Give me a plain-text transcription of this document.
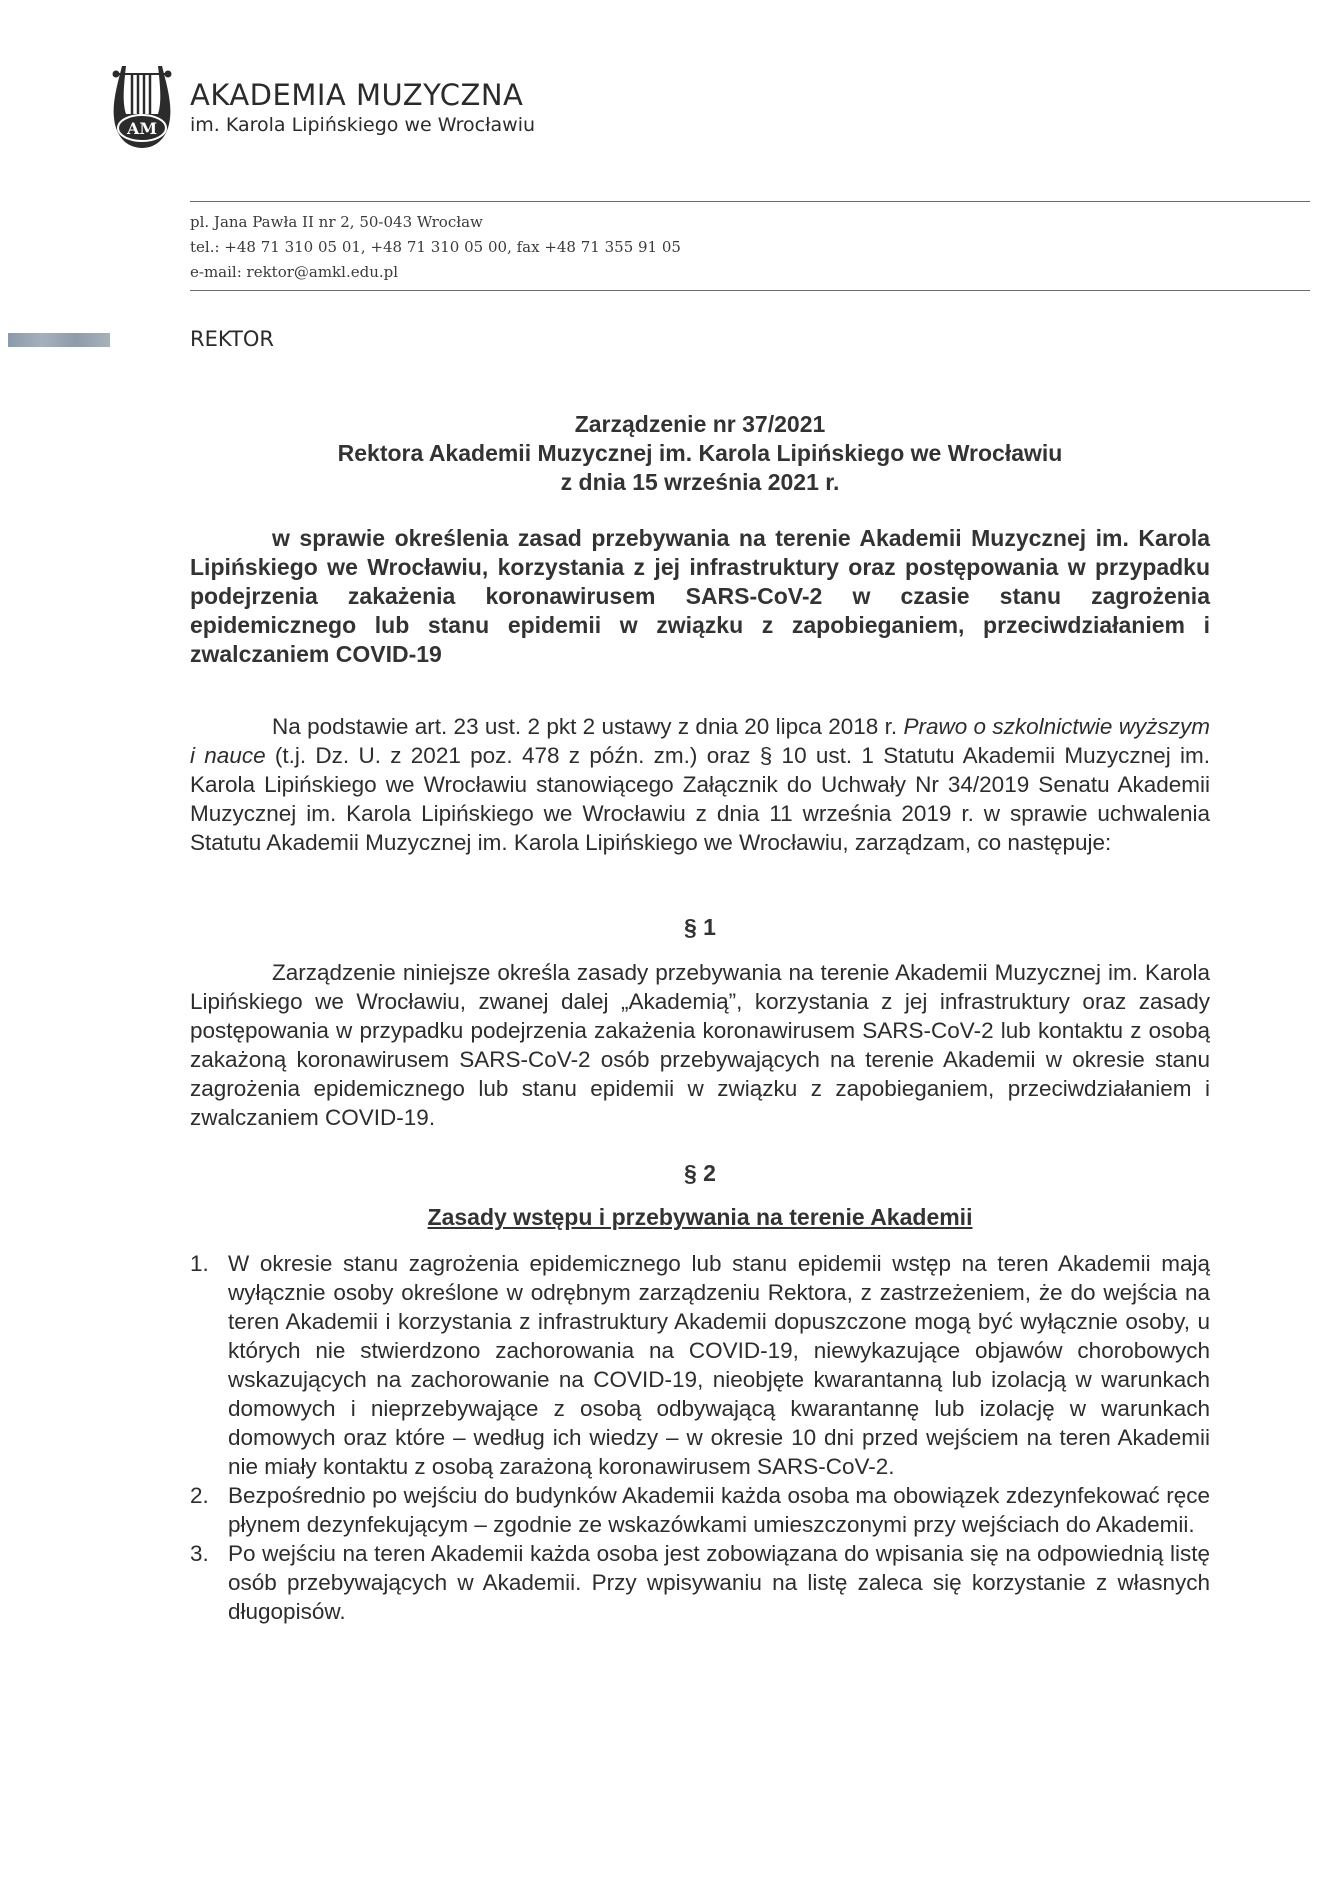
AM
AKADEMIA MUZYCZNA
im. Karola Lipińskiego we Wrocławiu
pl. Jana Pawła II nr 2, 50-043 Wrocław
tel.: +48 71 310 05 01, +48 71 310 05 00, fax +48 71 355 91 05
e-mail: rektor@amkl.edu.pl
REKTOR
Zarządzenie nr 37/2021
Rektora Akademii Muzycznej im. Karola Lipińskiego we Wrocławiu
z dnia 15 września 2021 r.
w sprawie określenia zasad przebywania na terenie Akademii Muzycznej im. Karola Lipińskiego we Wrocławiu, korzystania z jej infrastruktury oraz postępowania w przypadku podejrzenia zakażenia koronawirusem SARS-CoV-2 w czasie stanu zagrożenia epidemicznego lub stanu epidemii w związku z zapobieganiem, przeciwdziałaniem i zwalczaniem COVID-19
Na podstawie art. 23 ust. 2 pkt 2 ustawy z dnia 20 lipca 2018 r. Prawo o szkolnictwie wyższym i nauce (t.j. Dz. U. z 2021 poz. 478 z późn. zm.) oraz § 10 ust. 1 Statutu Akademii Muzycznej im. Karola Lipińskiego we Wrocławiu stanowiącego Załącznik do Uchwały Nr 34/2019 Senatu Akademii Muzycznej im. Karola Lipińskiego we Wrocławiu z dnia 11 września 2019 r. w sprawie uchwalenia Statutu Akademii Muzycznej im. Karola Lipińskiego we Wrocławiu, zarządzam, co następuje:
§ 1
Zarządzenie niniejsze określa zasady przebywania na terenie Akademii Muzycznej im. Karola Lipińskiego we Wrocławiu, zwanej dalej „Akademią”, korzystania z jej infrastruktury oraz zasady postępowania w przypadku podejrzenia zakażenia koronawirusem SARS-CoV-2 lub kontaktu z osobą zakażoną koronawirusem SARS-CoV-2 osób przebywających na terenie Akademii w okresie stanu zagrożenia epidemicznego lub stanu epidemii w związku z zapobieganiem, przeciwdziałaniem i zwalczaniem COVID-19.
§ 2
Zasady wstępu i przebywania na terenie Akademii
1. W okresie stanu zagrożenia epidemicznego lub stanu epidemii wstęp na teren Akademii mają wyłącznie osoby określone w odrębnym zarządzeniu Rektora, z zastrzeżeniem, że do wejścia na teren Akademii i korzystania z infrastruktury Akademii dopuszczone mogą być wyłącznie osoby, u których nie stwierdzono zachorowania na COVID-19, niewykazujące objawów chorobowych wskazujących na zachorowanie na COVID-19, nieobjęte kwarantanną lub izolacją w warunkach domowych i nieprzebywające z osobą odbywającą kwarantannę lub izolację w warunkach domowych oraz które – według ich wiedzy – w okresie 10 dni przed wejściem na teren Akademii nie miały kontaktu z osobą zarażoną koronawirusem SARS-CoV-2.
2. Bezpośrednio po wejściu do budynków Akademii każda osoba ma obowiązek zdezynfekować ręce płynem dezynfekującym – zgodnie ze wskazówkami umieszczonymi przy wejściach do Akademii.
3. Po wejściu na teren Akademii każda osoba jest zobowiązana do wpisania się na odpowiednią listę osób przebywających w Akademii. Przy wpisywaniu na listę zaleca się korzystanie z własnych długopisów.
